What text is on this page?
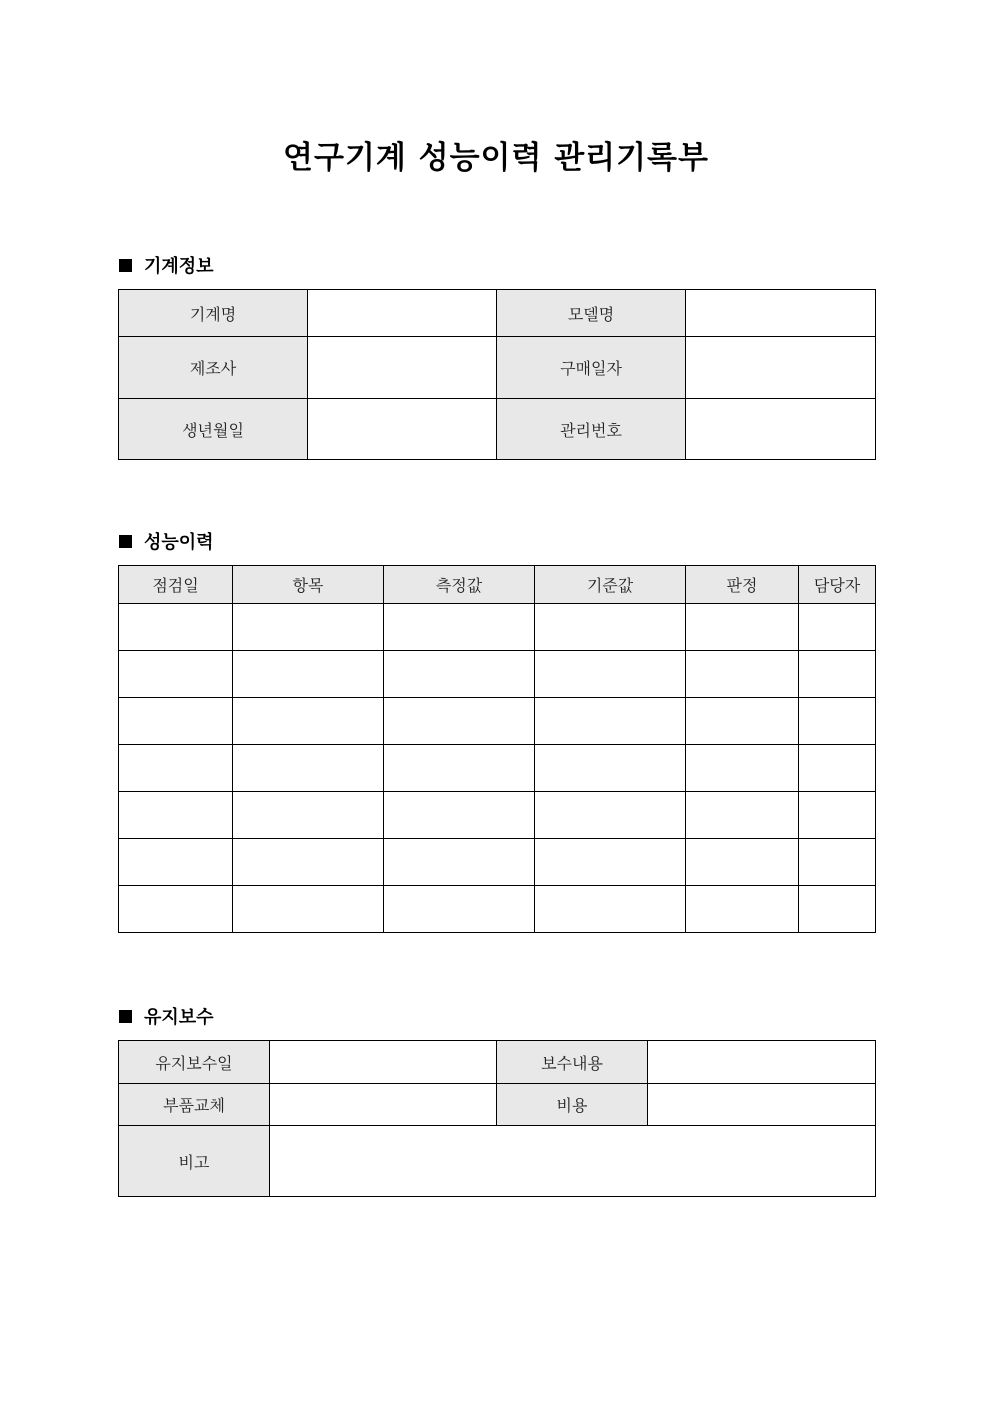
연구기계 성능이력 관리기록부
기계정보
기계명		모델명	
제조사		구매일자	
생년월일		관리번호	
성능이력
점검일	항목	측정값	기준값	판정	담당자

유지보수
유지보수일		보수내용	
부품교체		비용	
비고			
